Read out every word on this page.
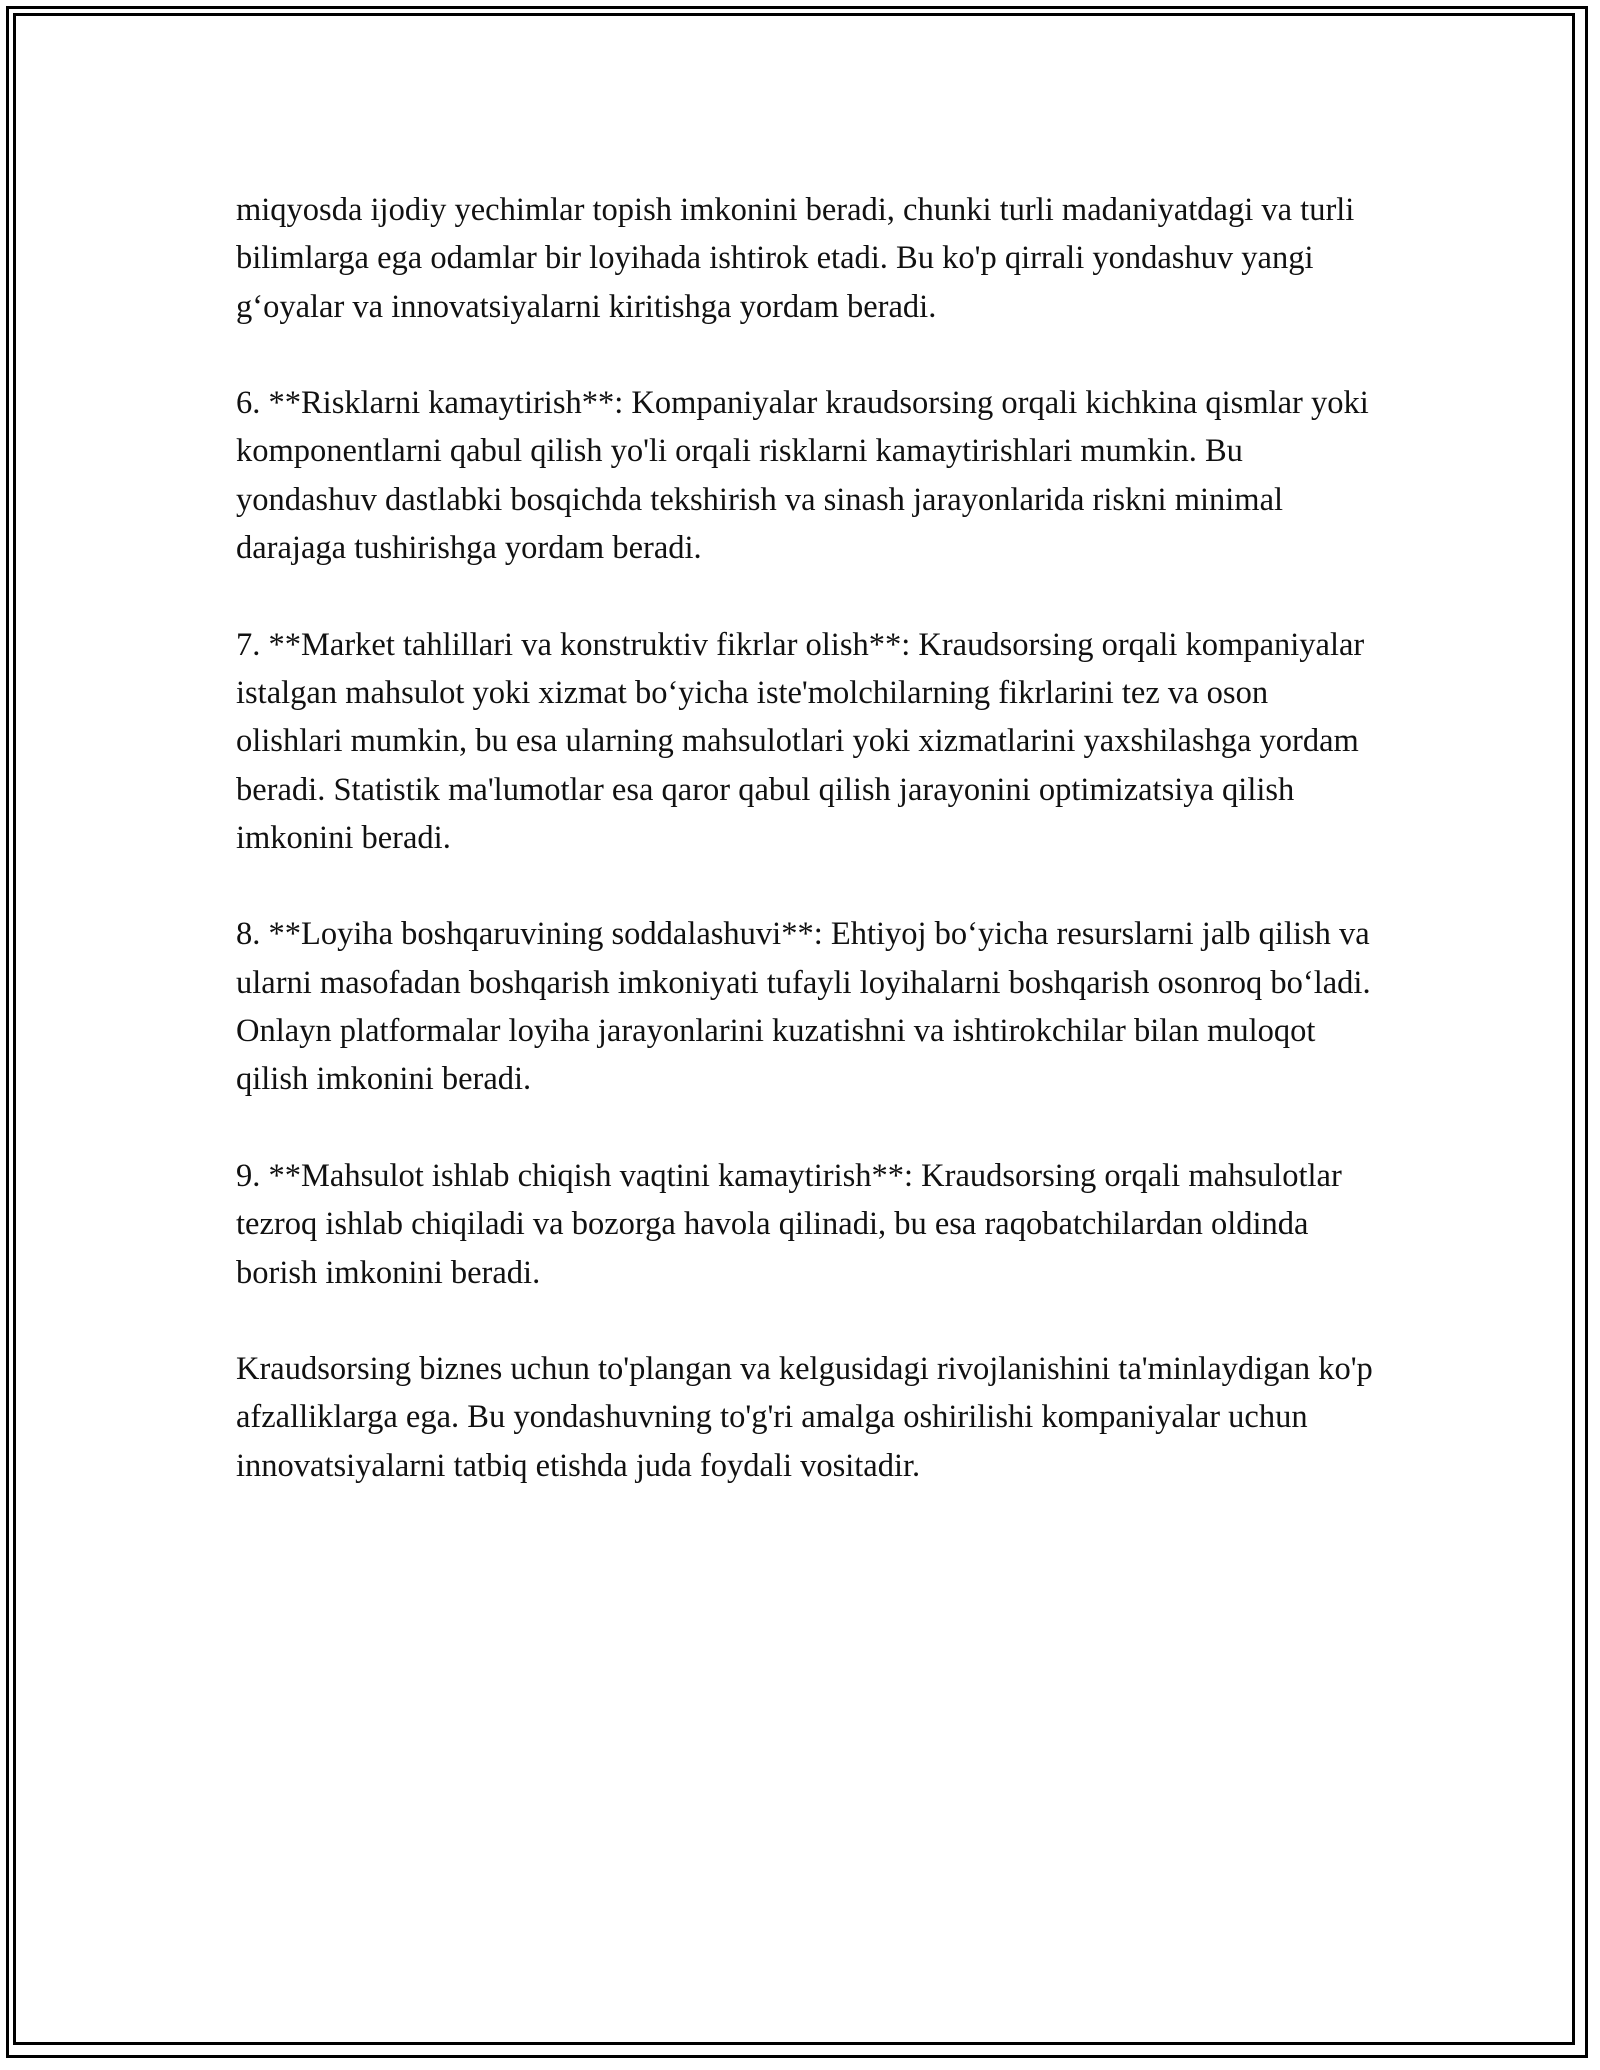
miqyosda ijodiy yechimlar topish imkonini beradi, chunki turli madaniyatdagi va turli bilimlarga ega odamlar bir loyihada ishtirok etadi. Bu ko'p qirrali yondashuv yangi g‘oyalar va innovatsiyalarni kiritishga yordam beradi.

6. **Risklarni kamaytirish**: Kompaniyalar kraudsorsing orqali kichkina qismlar yoki komponentlarni qabul qilish yo'li orqali risklarni kamaytirishlari mumkin. Bu yondashuv dastlabki bosqichda tekshirish va sinash jarayonlarida riskni minimal darajaga tushirishga yordam beradi.

7. **Market tahlillari va konstruktiv fikrlar olish**: Kraudsorsing orqali kompaniyalar istalgan mahsulot yoki xizmat bo‘yicha iste'molchilarning fikrlarini tez va oson olishlari mumkin, bu esa ularning mahsulotlari yoki xizmatlarini yaxshilashga yordam beradi. Statistik ma'lumotlar esa qaror qabul qilish jarayonini optimizatsiya qilish imkonini beradi.

8. **Loyiha boshqaruvining soddalashuvi**: Ehtiyoj bo‘yicha resurslarni jalb qilish va ularni masofadan boshqarish imkoniyati tufayli loyihalarni boshqarish osonroq bo‘ladi. Onlayn platformalar loyiha jarayonlarini kuzatishni va ishtirokchilar bilan muloqot qilish imkonini beradi.

9. **Mahsulot ishlab chiqish vaqtini kamaytirish**: Kraudsorsing orqali mahsulotlar tezroq ishlab chiqiladi va bozorga havola qilinadi, bu esa raqobatchilardan oldinda borish imkonini beradi.

Kraudsorsing biznes uchun to'plangan va kelgusidagi rivojlanishini ta'minlaydigan ko'p afzalliklarga ega. Bu yondashuvning to'g'ri amalga oshirilishi kompaniyalar uchun innovatsiyalarni tatbiq etishda juda foydali vositadir.
